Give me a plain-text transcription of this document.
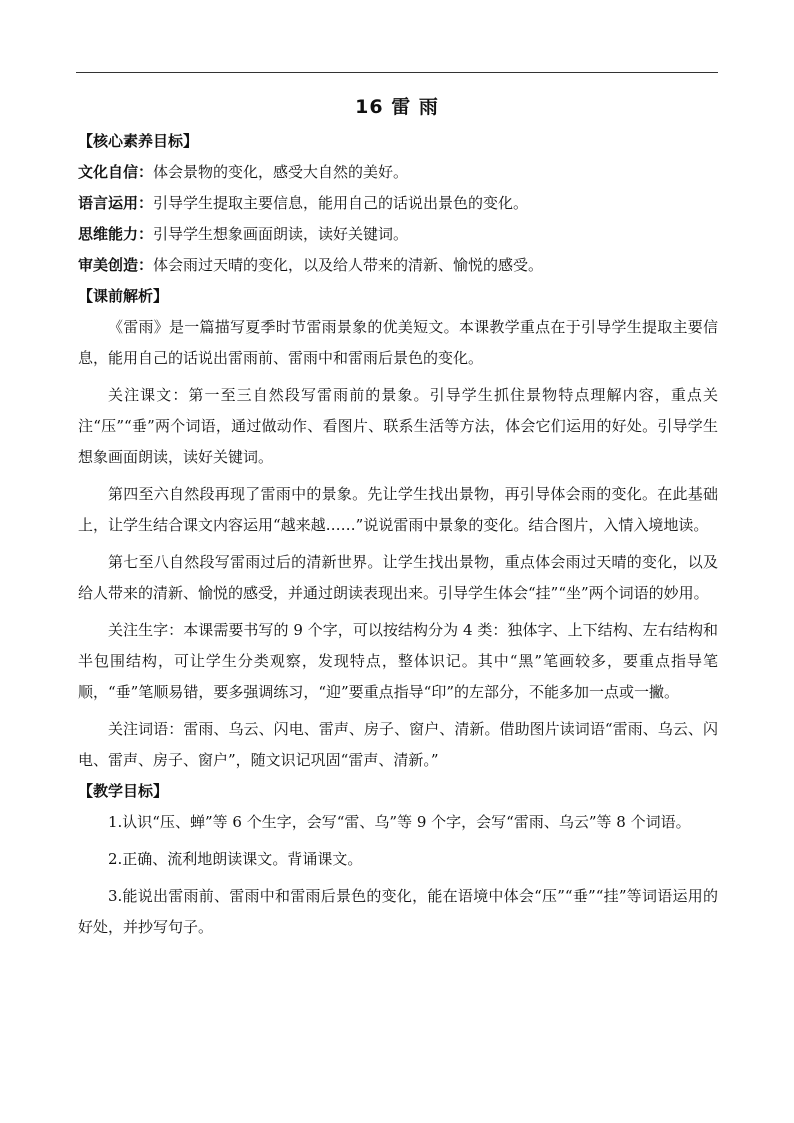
16 雷 雨
【核心素养目标】
文化自信：体会景物的变化，感受大自然的美好。
语言运用：引导学生提取主要信息，能用自己的话说出景色的变化。
思维能力：引导学生想象画面朗读，读好关键词。
审美创造：体会雨过天晴的变化，以及给人带来的清新、愉悦的感受。
【课前解析】

《雷雨》是一篇描写夏季时节雷雨景象的优美短文。本课教学重点在于引导学生提取主要信息，能用自己的话说出雷雨前、雷雨中和雷雨后景色的变化。

关注课文：第一至三自然段写雷雨前的景象。引导学生抓住景物特点理解内容，重点关注“压”“垂”两个词语，通过做动作、看图片、联系生活等方法，体会它们运用的好处。引导学生想象画面朗读，读好关键词。

第四至六自然段再现了雷雨中的景象。先让学生找出景物，再引导体会雨的变化。在此基础上，让学生结合课文内容运用“越来越……”说说雷雨中景象的变化。结合图片，入情入境地读。

第七至八自然段写雷雨过后的清新世界。让学生找出景物，重点体会雨过天晴的变化，以及给人带来的清新、愉悦的感受，并通过朗读表现出来。引导学生体会“挂”“坐”两个词语的妙用。

关注生字：本课需要书写的 9 个字，可以按结构分为 4 类：独体字、上下结构、左右结构和半包围结构，可让学生分类观察，发现特点，整体识记。其中“黑”笔画较多，要重点指导笔顺，“垂”笔顺易错，要多强调练习，“迎”要重点指导“印”的左部分，不能多加一点或一撇。

关注词语：雷雨、乌云、闪电、雷声、房子、窗户、清新。借助图片读词语“雷雨、乌云、闪电、雷声、房子、窗户”，随文识记巩固“雷声、清新。”

【教学目标】

1.认识“压、蝉”等 6 个生字，会写“雷、乌”等 9 个字，会写“雷雨、乌云”等 8 个词语。

2.正确、流利地朗读课文。背诵课文。

3.能说出雷雨前、雷雨中和雷雨后景色的变化，能在语境中体会“压”“垂”“挂”等词语运用的好处，并抄写句子。
